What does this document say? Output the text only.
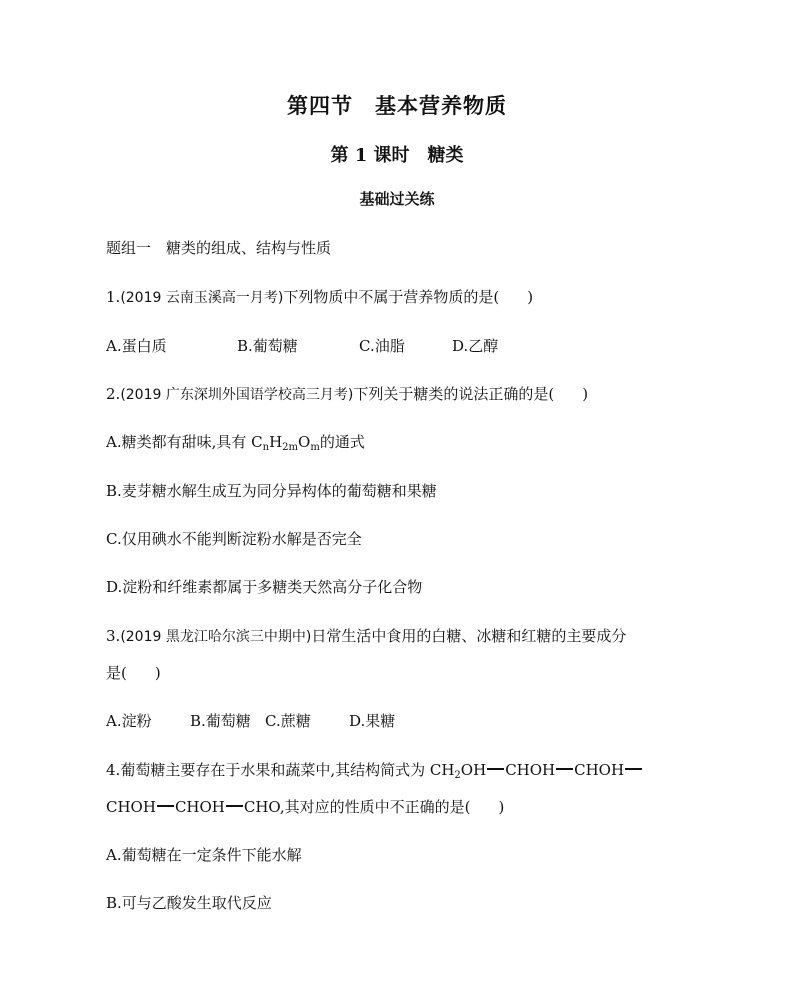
第四节　基本营养物质
第 1 课时　糖类
基础过关练
题组一　糖类的组成、结构与性质
1.(2019 云南玉溪高一月考)下列物质中不属于营养物质的是( )
A.蛋白质	B.葡萄糖	C.油脂	D.乙醇
2.(2019 广东深圳外国语学校高三月考)下列关于糖类的说法正确的是( )
A.糖类都有甜味,具有 $C_nH_{2m}O_m$的通式
B.麦芽糖水解生成互为同分异构体的葡萄糖和果糖
C.仅用碘水不能判断淀粉水解是否完全
D.淀粉和纤维素都属于多糖类天然高分子化合物
3.(2019 黑龙江哈尔滨三中期中)日常生活中食用的白糖、冰糖和红糖的主要成分
是( )
A.淀粉	B.葡萄糖 C.蔗糖	D.果糖
4.葡萄糖主要存在于水果和蔬菜中,其结构简式为 $CH_2OH$ CHOH CHOH
CHOH CHOH CHO,其对应的性质中不正确的是( )
A.葡萄糖在一定条件下能水解
B.可与乙酸发生取代反应
